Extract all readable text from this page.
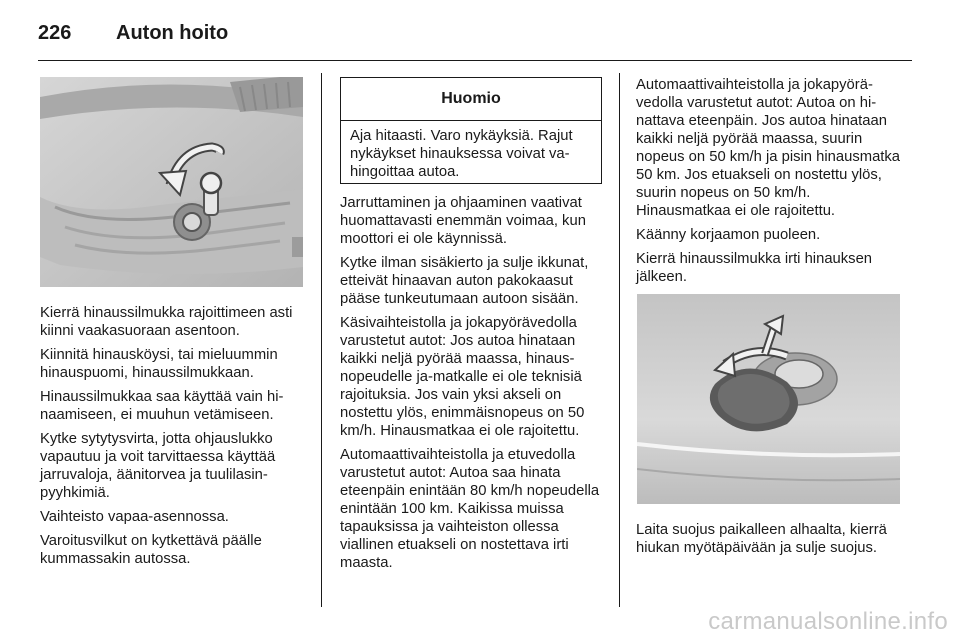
226	Auton hoito

Kierrä hinaussilmukka rajoittimeen asti kiinni vaakasuoraan asentoon.

Kiinnitä hinausköysi, tai mieluummin hinauspuomi, hinaussilmukkaan.

Hinaussilmukkaa saa käyttää vain hinaamiseen, ei muuhun vetämiseen.

Kytke sytytysvirta, jotta ohjauslukko vapautuu ja voit tarvittaessa käyttää jarruvaloja, äänitorvea ja tuulilasinpyyhkimiä.

Vaihteisto vapaa-asennossa.

Varoitusvilkut on kytkettävä päälle kummassakin autossa.

Huomio
Aja hitaasti. Varo nykäyksiä. Rajut nykäykset hinauksessa voivat vahingoittaa autoa.

Jarruttaminen ja ohjaaminen vaativat huomattavasti enemmän voimaa, kun moottori ei ole käynnissä.

Kytke ilman sisäkierto ja sulje ikkunat, etteivät hinaavan auton pakokaasut pääse tunkeutumaan autoon sisään.

Käsivaihteistolla ja jokapyörävedolla varustetut autot: Jos autoa hinataan kaikki neljä pyörää maassa, hinausnopeudelle ja-matkalle ei ole teknisiä rajoituksia. Jos vain yksi akseli on nostettu ylös, enimmäisnopeus on 50 km/h. Hinausmatkaa ei ole rajoitettu.

Automaattivaihteistolla ja etuvedolla varustetut autot: Autoa saa hinata eteenpäin enintään 80 km/h nopeudella enintään 100 km. Kaikissa muissa tapauksissa ja vaihteiston ollessa viallinen etuakseli on nostettava irti maasta.

Automaattivaihteistolla ja jokapyörävedolla varustetut autot: Autoa on hinattava eteenpäin. Jos autoa hinataan kaikki neljä pyörää maassa, suurin nopeus on 50 km/h ja pisin hinausmatka 50 km. Jos etuakseli on nostettu ylös, suurin nopeus on 50 km/h. Hinausmatkaa ei ole rajoitettu.

Käänny korjaamon puoleen.

Kierrä hinaussilmukka irti hinauksen jälkeen.

Laita suojus paikalleen alhaalta, kierrä hiukan myötäpäivään ja sulje suojus.

carmanualsonline.info
